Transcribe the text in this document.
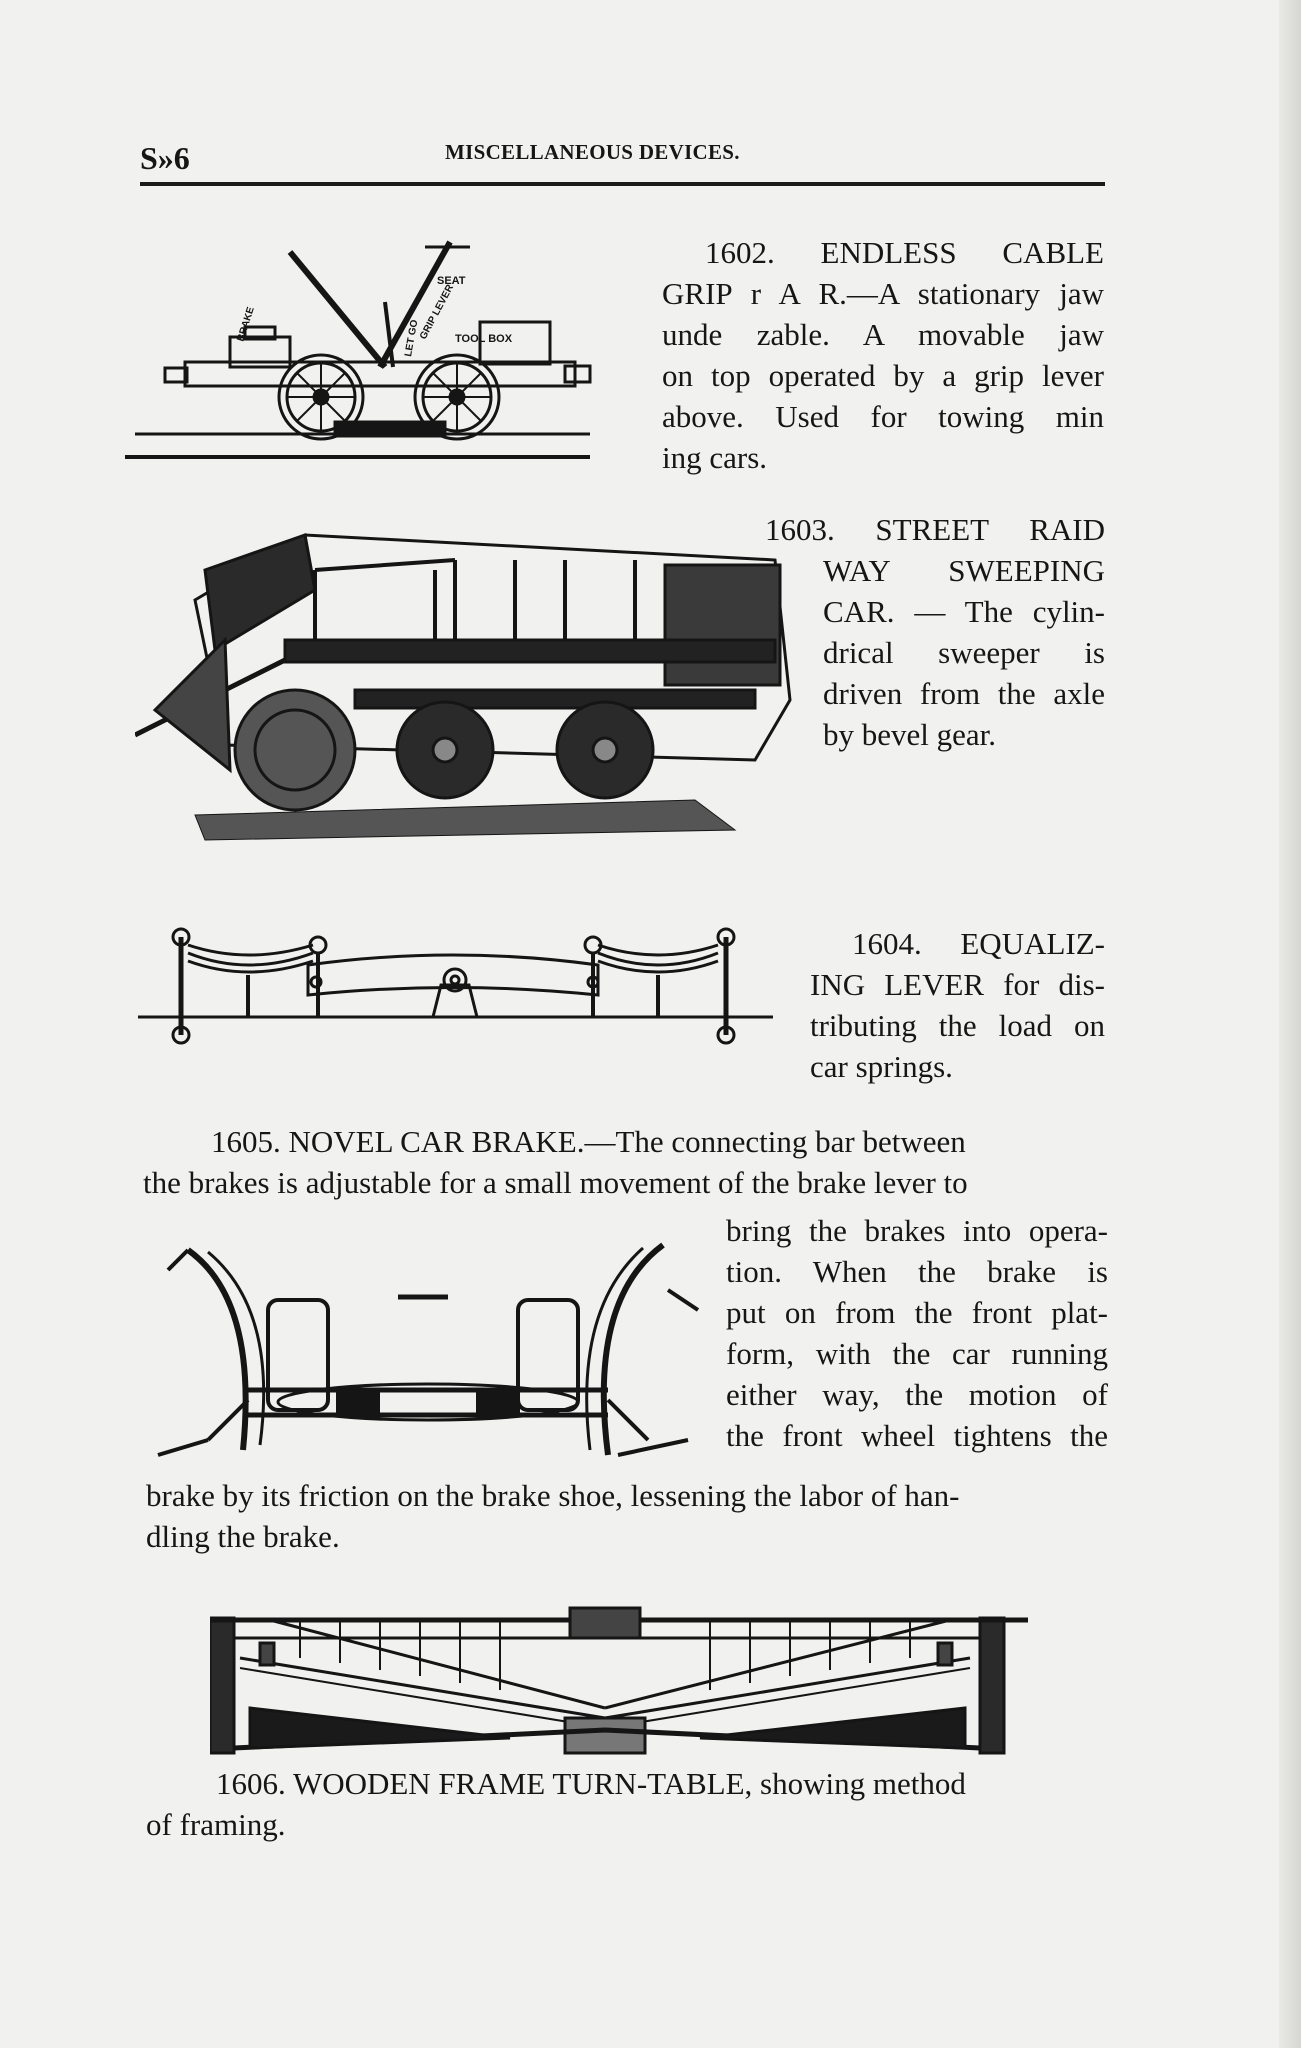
S»6	MISCELLANEOUS DEVICES.
TOOL BOX
SEAT
BRAKE	LET GO
GRIP LEVER
1602. ENDLESS CABLE
GRIP r A R.—A stationary jaw
unde zable. A movable jaw
on top operated by a grip lever
above. Used for towing min
ing cars.
1603. STREET RAID
WAY SWEEPING
CAR. — The cylin-
drical sweeper is
driven from the axle
by bevel gear.
1604. EQUALIZ-
ING LEVER for dis-
tributing the load on
car springs.
1605. NOVEL CAR BRAKE.—The connecting bar between
the brakes is adjustable for a small movement of the brake lever to
bring the brakes into opera-
tion. When the brake is
put on from the front plat-
form, with the car running
either way, the motion of
the front wheel tightens the
brake by its friction on the brake shoe, lessening the labor of han-
dling the brake.
1606. WOODEN FRAME TURN-TABLE, showing method
of framing.
